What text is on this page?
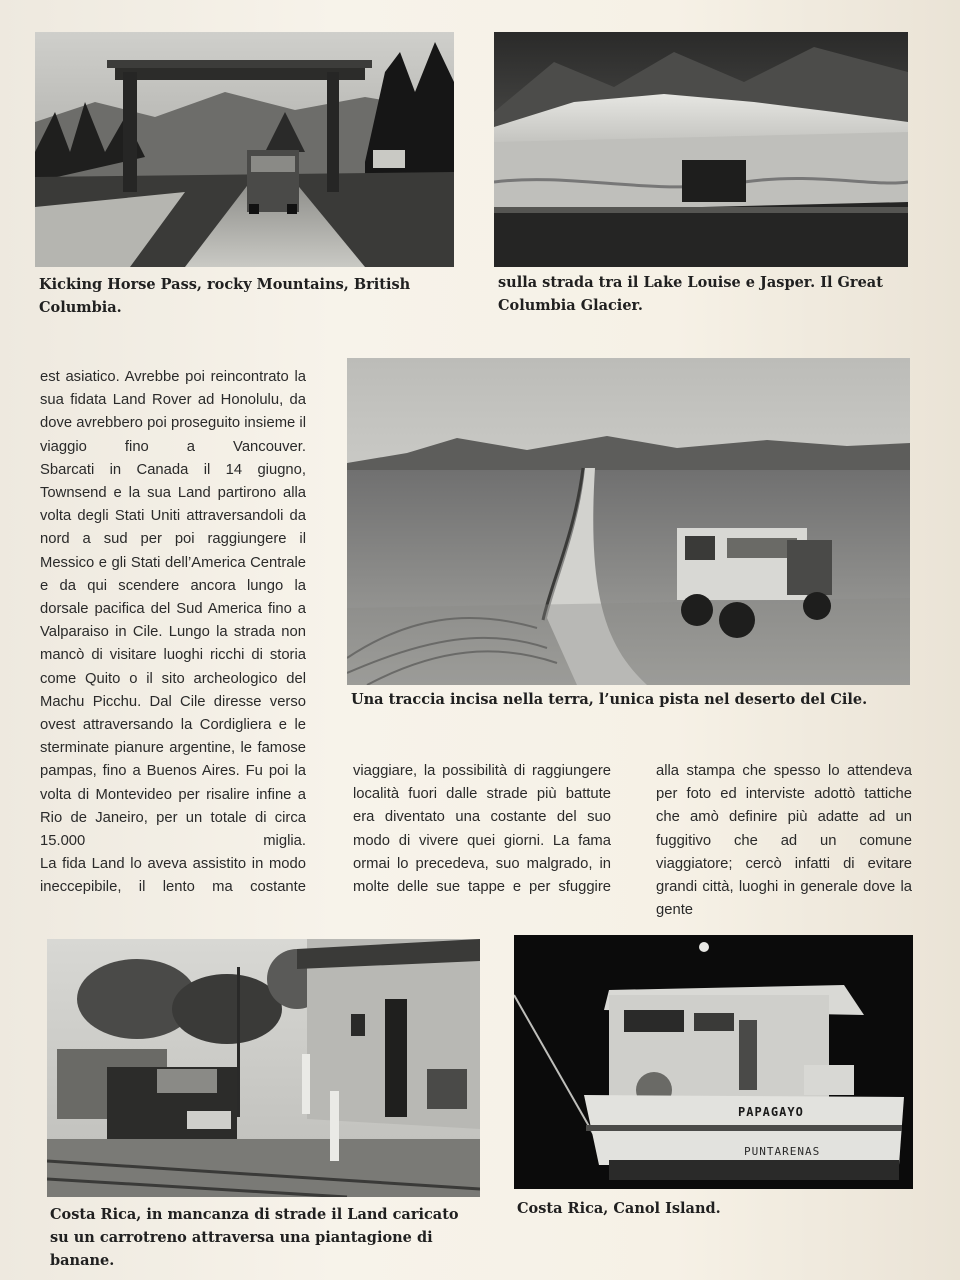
Kicking Horse Pass, rocky Mountains, British Columbia.

sulla strada tra il Lake Louise e Jasper. Il Great Columbia Glacier.

est asiatico. Avrebbe poi reincontrato la sua fidata Land Rover ad Honolulu, da dove avrebbero poi proseguito insieme il viaggio fino a Vancouver.

Sbarcati in Canada il 14 giugno, Townsend e la sua Land partirono alla volta degli Stati Uniti attraversandoli da nord a sud per poi raggiungere il Messico e gli Stati dell’America Centrale e da qui scendere ancora lungo la dorsale pacifica del Sud America fino a Valparaiso in Cile. Lungo la strada non mancò di visitare luoghi ricchi di storia come Quito o il sito archeologico del Machu Picchu. Dal Cile diresse verso ovest attraversando la Cordigliera e le sterminate pianure argentine, le famose pampas, fino a Buenos Aires. Fu poi la volta di Montevideo per risalire infine a Rio de Janeiro, per un totale di circa 15.000 miglia.

La fida Land lo aveva assistito in modo ineccepibile, il lento ma costante

Una traccia incisa nella terra, l’unica pista nel deserto del Cile.

viaggiare, la possibilità di raggiungere località fuori dalle strade più battute era diventato una costante del suo modo di vivere quei giorni. La fama ormai lo precedeva, suo malgrado, in molte delle sue tappe e per sfuggire

alla stampa che spesso lo attendeva per foto ed interviste adottò tattiche che amò definire più adatte ad un fuggitivo che ad un comune viaggiatore; cercò infatti di evitare grandi città, luoghi in generale dove la gente

Costa Rica, in mancanza di strade il Land caricato su un carrotreno attraversa una piantagione di banane.

PAPAGAYO
PUNTARENAS

Costa Rica, Canol Island.
